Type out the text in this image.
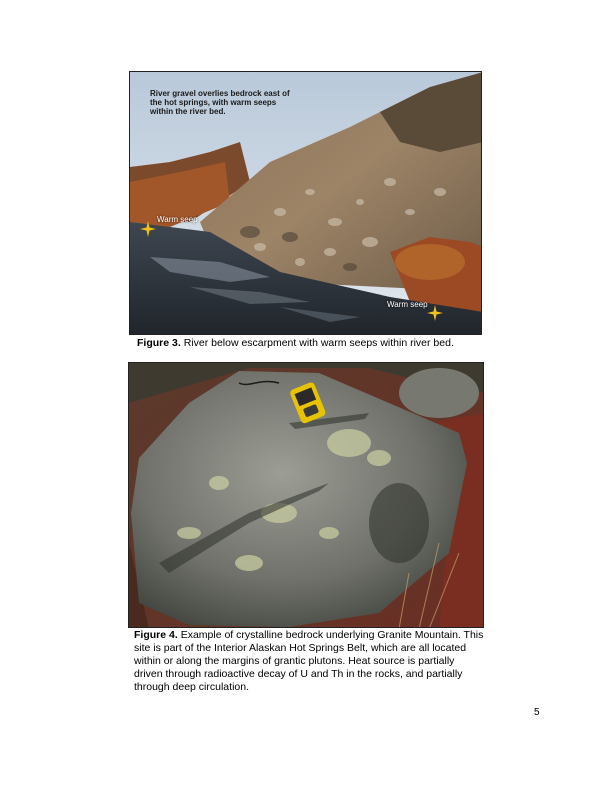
River gravel overlies bedrock east of the hot springs, with warm seeps within the river bed.
Warm seep
Warm seep
Figure 3. River below escarpment with warm seeps within river bed.
Figure 4. Example of crystalline bedrock underlying Granite Mountain. This site is part of the Interior Alaskan Hot Springs Belt, which are all located within or along the margins of grantic plutons. Heat source is partially driven through radioactive decay of U and Th in the rocks, and partially through deep circulation.
5
